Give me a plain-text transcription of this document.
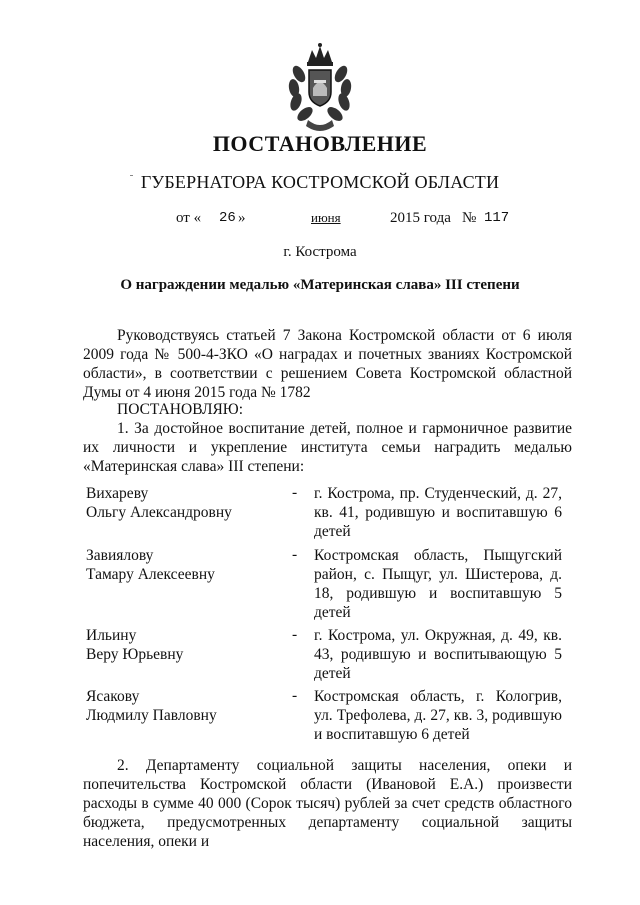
ПОСТАНОВЛЕНИЕ
ГУБЕРНАТОРА КОСТРОМСКОЙ ОБЛАСТИ
от « 26 »	июня	2015 года № 117
г. Кострома
О награждении медалью «Материнская слава» III степени
Руководствуясь статьей 7 Закона Костромской области от 6 июля 2009 года № 500-4-ЗКО «О наградах и почетных званиях Костромской области», в соответствии с решением Совета Костромской областной Думы от 4 июня 2015 года № 1782
ПОСТАНОВЛЯЮ:
1. За достойное воспитание детей, полное и гармоничное развитие их личности и укрепление института семьи наградить медалью «Материнская слава» III степени:
Вихареву
Ольгу Александровну
- г. Кострома, пр. Студенческий, д. 27, кв. 41, родившую и воспитавшую 6 детей
Завиялову
Тамару Алексеевну
- Костромская область, Пыщугский район, с. Пыщуг, ул. Шистерова, д. 18, родившую и воспитавшую 5 детей
Ильину
Веру Юрьевну
- г. Кострома, ул. Окружная, д. 49, кв. 43, родившую и воспитывающую 5 детей
Ясакову
Людмилу Павловну
- Костромская область, г. Кологрив, ул. Трефолева, д. 27, кв. 3, родившую и воспитавшую 6 детей
2. Департаменту социальной защиты населения, опеки и попечительства Костромской области (Ивановой Е.А.) произвести расходы в сумме 40 000 (Сорок тысяч) рублей за счет средств областного бюджета, предусмотренных департаменту социальной защиты населения, опеки и
